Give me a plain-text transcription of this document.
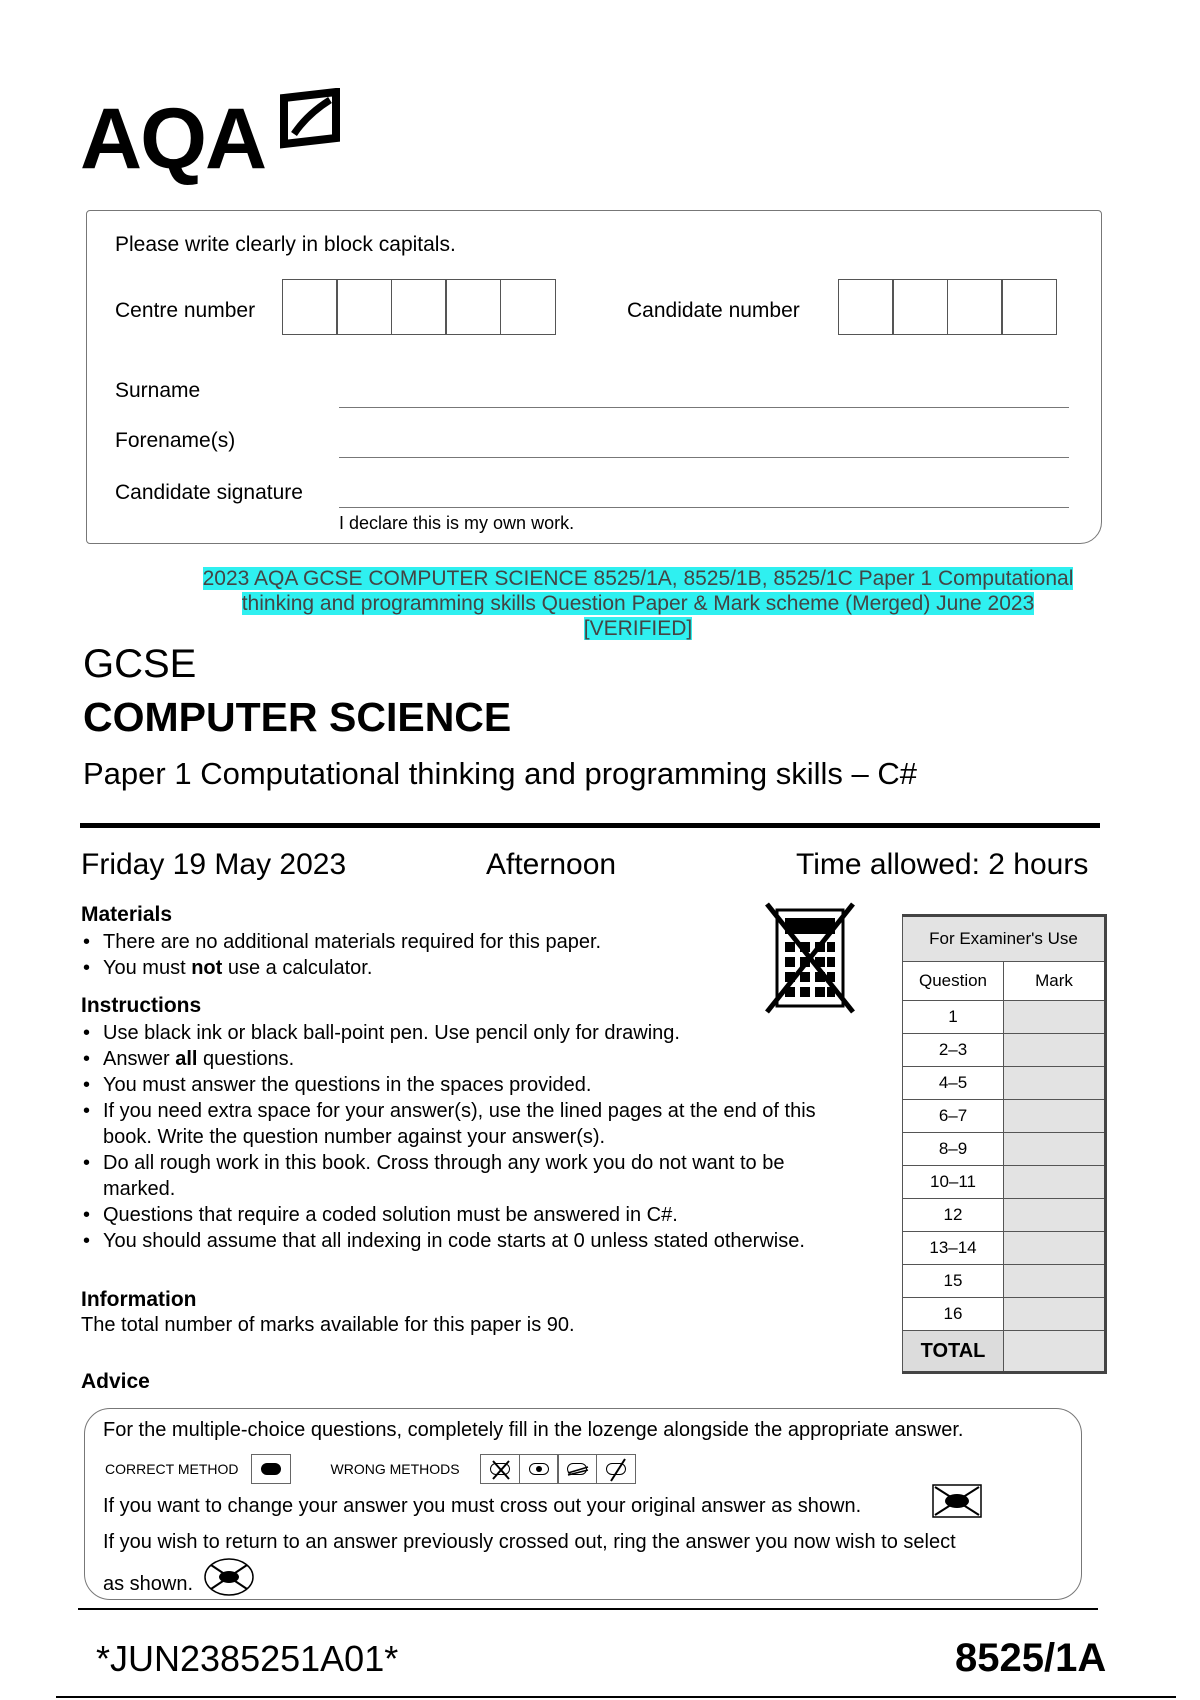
AQA
Please write clearly in block capitals.
Centre number	Candidate number
Surname
Forename(s)
Candidate signature
I declare this is my own work.
2023 AQA GCSE COMPUTER SCIENCE 8525/1A, 8525/1B, 8525/1C Paper 1 Computational
thinking and programming skills Question Paper & Mark scheme (Merged) June 2023
[VERIFIED]
GCSE
COMPUTER SCIENCE
Paper 1 Computational thinking and programming skills – C#
Friday 19 May 2023	Afternoon	Time allowed: 2 hours
Materials
• There are no additional materials required for this paper.
• You must not use a calculator.
Instructions
• Use black ink or black ball-point pen. Use pencil only for drawing.
• Answer all questions.
• You must answer the questions in the spaces provided.
• If you need extra space for your answer(s), use the lined pages at the end of this book. Write the question number against your answer(s).
• Do all rough work in this book. Cross through any work you do not want to be marked.
• Questions that require a coded solution must be answered in C#.
• You should assume that all indexing in code starts at 0 unless stated otherwise.
Information
The total number of marks available for this paper is 90.
Advice
For Examiner's Use	
Question	Mark
1	
2–3	
4–5	
6–7	
8–9	
10–11	
12	
13–14	
15	
16	
TOTAL	
For the multiple-choice questions, completely fill in the lozenge alongside the appropriate answer.
CORRECT METHOD	WRONG METHODS
If you want to change your answer you must cross out your original answer as shown.
If you wish to return to an answer previously crossed out, ring the answer you now wish to select
as shown.
*JUN2385251A01*	8525/1A
